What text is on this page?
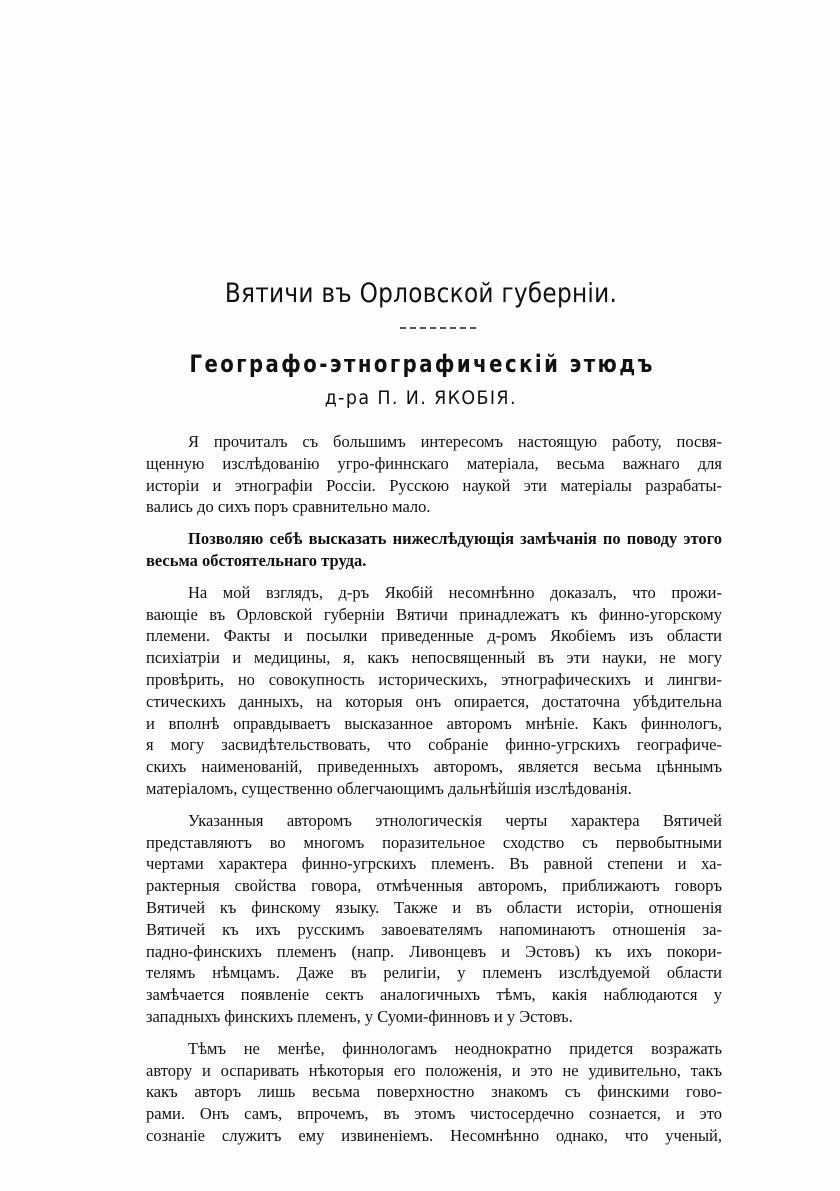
Вятичи въ Орловской губерніи.
Географо-этнографическій этюдъ
д-ра П. И. ЯКОБІЯ.
Я прочиталъ съ большимъ интересомъ настоящую работу, посвя-
щенную изслѣдованію угро-финнскаго матеріала, весьма важнаго для
исторіи и этнографіи Россіи. Русскою наукой эти матеріалы разрабаты-
вались до сихъ поръ сравнительно мало.
Позволяю себѣ высказать нижеслѣдующія замѣчанія по поводу этого
весьма обстоятельнаго труда.
На мой взглядъ, д-ръ Якобій несомнѣнно доказалъ, что прожи-
вающіе въ Орловской губерніи Вятичи принадлежатъ къ финно-угорскому
племени. Факты и посылки приведенные д-ромъ Якобіемъ изъ области
психіатріи и медицины, я, какъ непосвященный въ эти науки, не могу
провѣрить, но совокупность историческихъ, этнографическихъ и лингви-
стическихъ данныхъ, на которыя онъ опирается, достаточна убѣдительна
и вполнѣ оправдываетъ высказанное авторомъ мнѣніе. Какъ финнологъ,
я могу засвидѣтельствовать, что собраніе финно-угрскихъ географиче-
скихъ наименованій, приведенныхъ авторомъ, является весьма цѣннымъ
матеріаломъ, существенно облегчающимъ дальнѣйшія изслѣдованія.
Указанныя авторомъ этнологическія черты характера Вятичей
представляютъ во многомъ поразительное сходство съ первобытными
чертами характера финно-угрскихъ племенъ. Въ равной степени и ха-
рактерныя свойства говора, отмѣченныя авторомъ, приближаютъ говоръ
Вятичей къ финскому языку. Также и въ области исторіи, отношенія
Вятичей къ ихъ русскимъ завоевателямъ напоминаютъ отношенія за-
падно-финскихъ племенъ (напр. Ливонцевъ и Эстовъ) къ ихъ покори-
телямъ нѣмцамъ. Даже въ религіи, у племенъ изслѣдуемой области
замѣчается появленіе сектъ аналогичныхъ тѣмъ, какія наблюдаются у
западныхъ финскихъ племенъ, у Суоми-финновъ и у Эстовъ.
Тѣмъ не менѣе, финнологамъ неоднократно придется возражать
автору и оспаривать нѣкоторыя его положенія, и это не удивительно, такъ
какъ авторъ лишь весьма поверхностно знакомъ съ финскими гово-
рами. Онъ самъ, впрочемъ, въ этомъ чистосердечно сознается, и это
сознаніе служитъ ему извиненіемъ. Несомнѣнно однако, что ученый,
